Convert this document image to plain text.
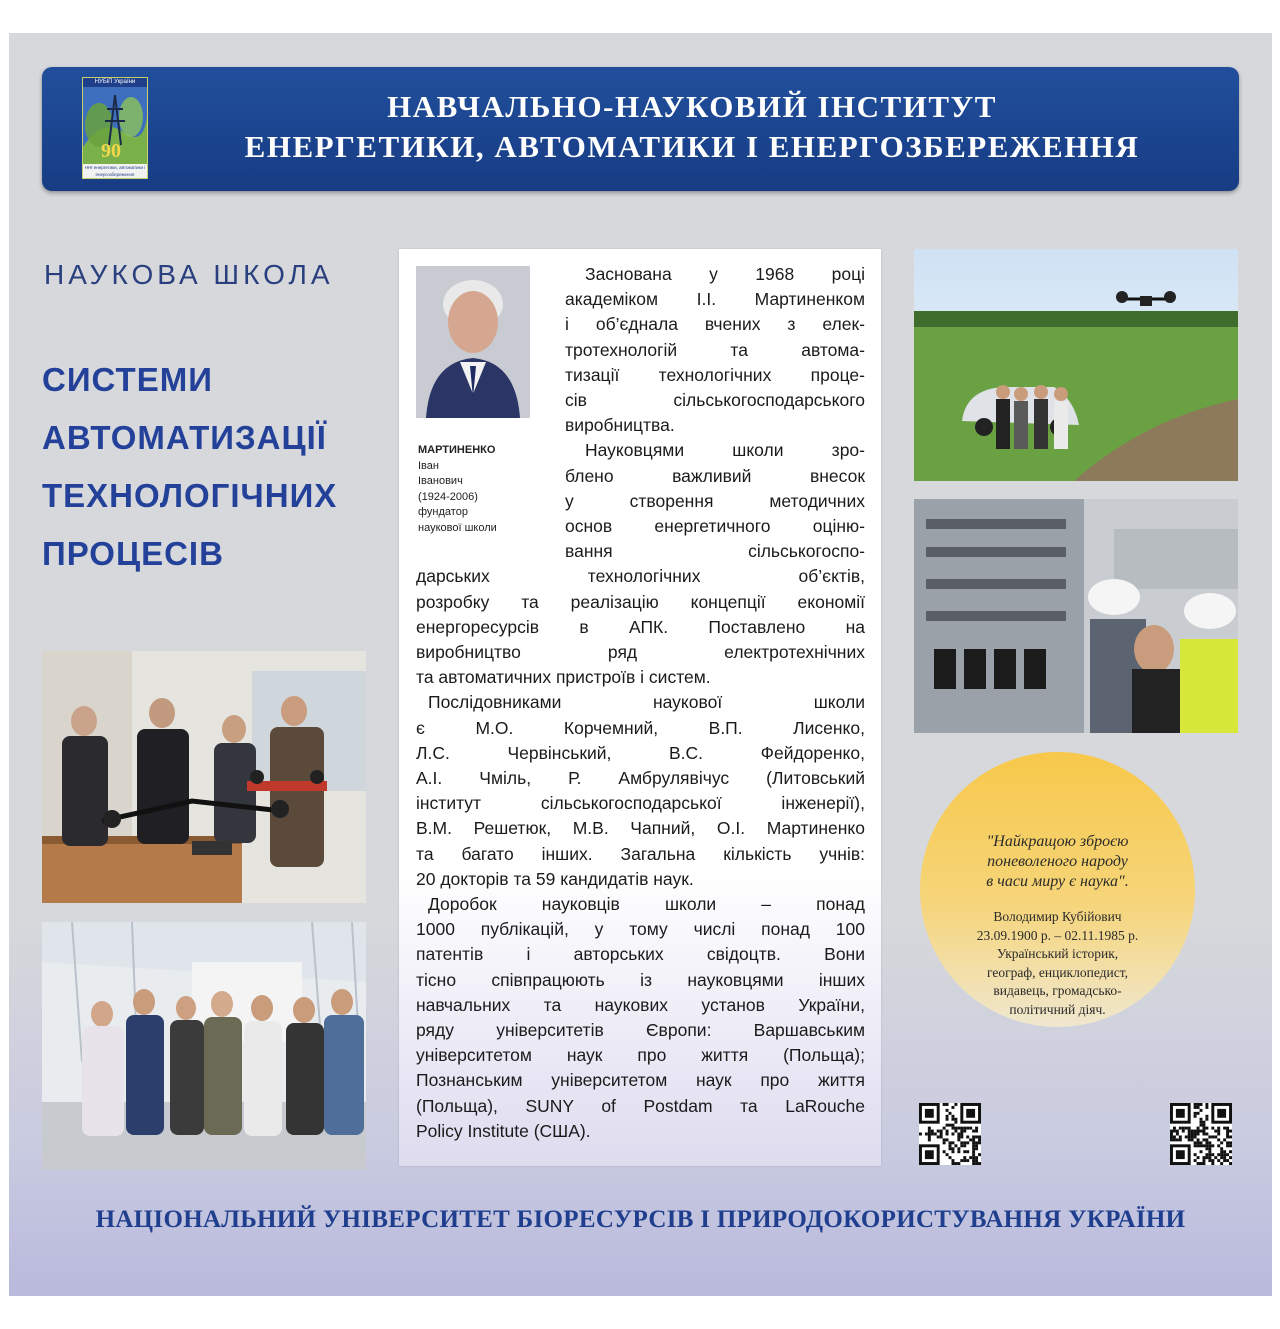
НУБіП України
90
ННІ енергетики, автоматики і енергозбереження
НАВЧАЛЬНО-НАУКОВИЙ ІНСТИТУТ
ЕНЕРГЕТИКИ, АВТОМАТИКИ І ЕНЕРГОЗБЕРЕЖЕННЯ
НАУКОВА ШКОЛА
СИСТЕМИ
АВТОМАТИЗАЦІЇ
ТЕХНОЛОГІЧНИХ
ПРОЦЕСІВ
МАРТИНЕНКО
Іван
Іванович
(1924-2006)
фундатор
наукової школи
Заснована у 1968 році
академіком І.І. Мартиненком
і об’єднала вчених з елек-
тротехнологій та автома-
тизації технологічних проце-
сів сільськогосподарського
виробництва.
Науковцями школи зро-
блено важливий внесок
у створення методичних
основ енергетичного оціню-
вання сільськогоспо-
дарських технологічних об’єктів,
розробку та реалізацію концепції економії
енергоресурсів в АПК. Поставлено на
виробництво ряд електротехнічних
та автоматичних пристроїв і систем.
Послідовниками наукової школи
є М.О. Корчемний, В.П. Лисенко,
Л.С. Червінський, В.С. Фейдоренко,
А.І. Чміль, Р. Амбрулявічус (Литовський
інститут сільськогосподарської інженерії),
В.М. Решетюк, М.В. Чапний, О.І. Мартиненко
та багато інших. Загальна кількість учнів:
20 докторів та 59 кандидатів наук.
Доробок науковців школи – понад
1000 публікацій, у тому числі понад 100
патентів і авторських свідоцтв. Вони
тісно співпрацюють із науковцями інших
навчальних та наукових установ України,
ряду університетів Європи: Варшавським
університетом наук про життя (Польща);
Познанським університетом наук про життя
(Польща), SUNY of Postdam та LaRouche
Policy Institute (США).
"Найкращою зброєю
поневоленого народу
в часи миру є наука".
Володимир Кубійович
23.09.1900 р. – 02.11.1985 р.
Український історик,
географ, енциклопедист,
видавець, громадсько-
політичний діяч.
НАЦІОНАЛЬНИЙ УНІВЕРСИТЕТ БІОРЕСУРСІВ І ПРИРОДОКОРИСТУВАННЯ УКРАЇНИ
